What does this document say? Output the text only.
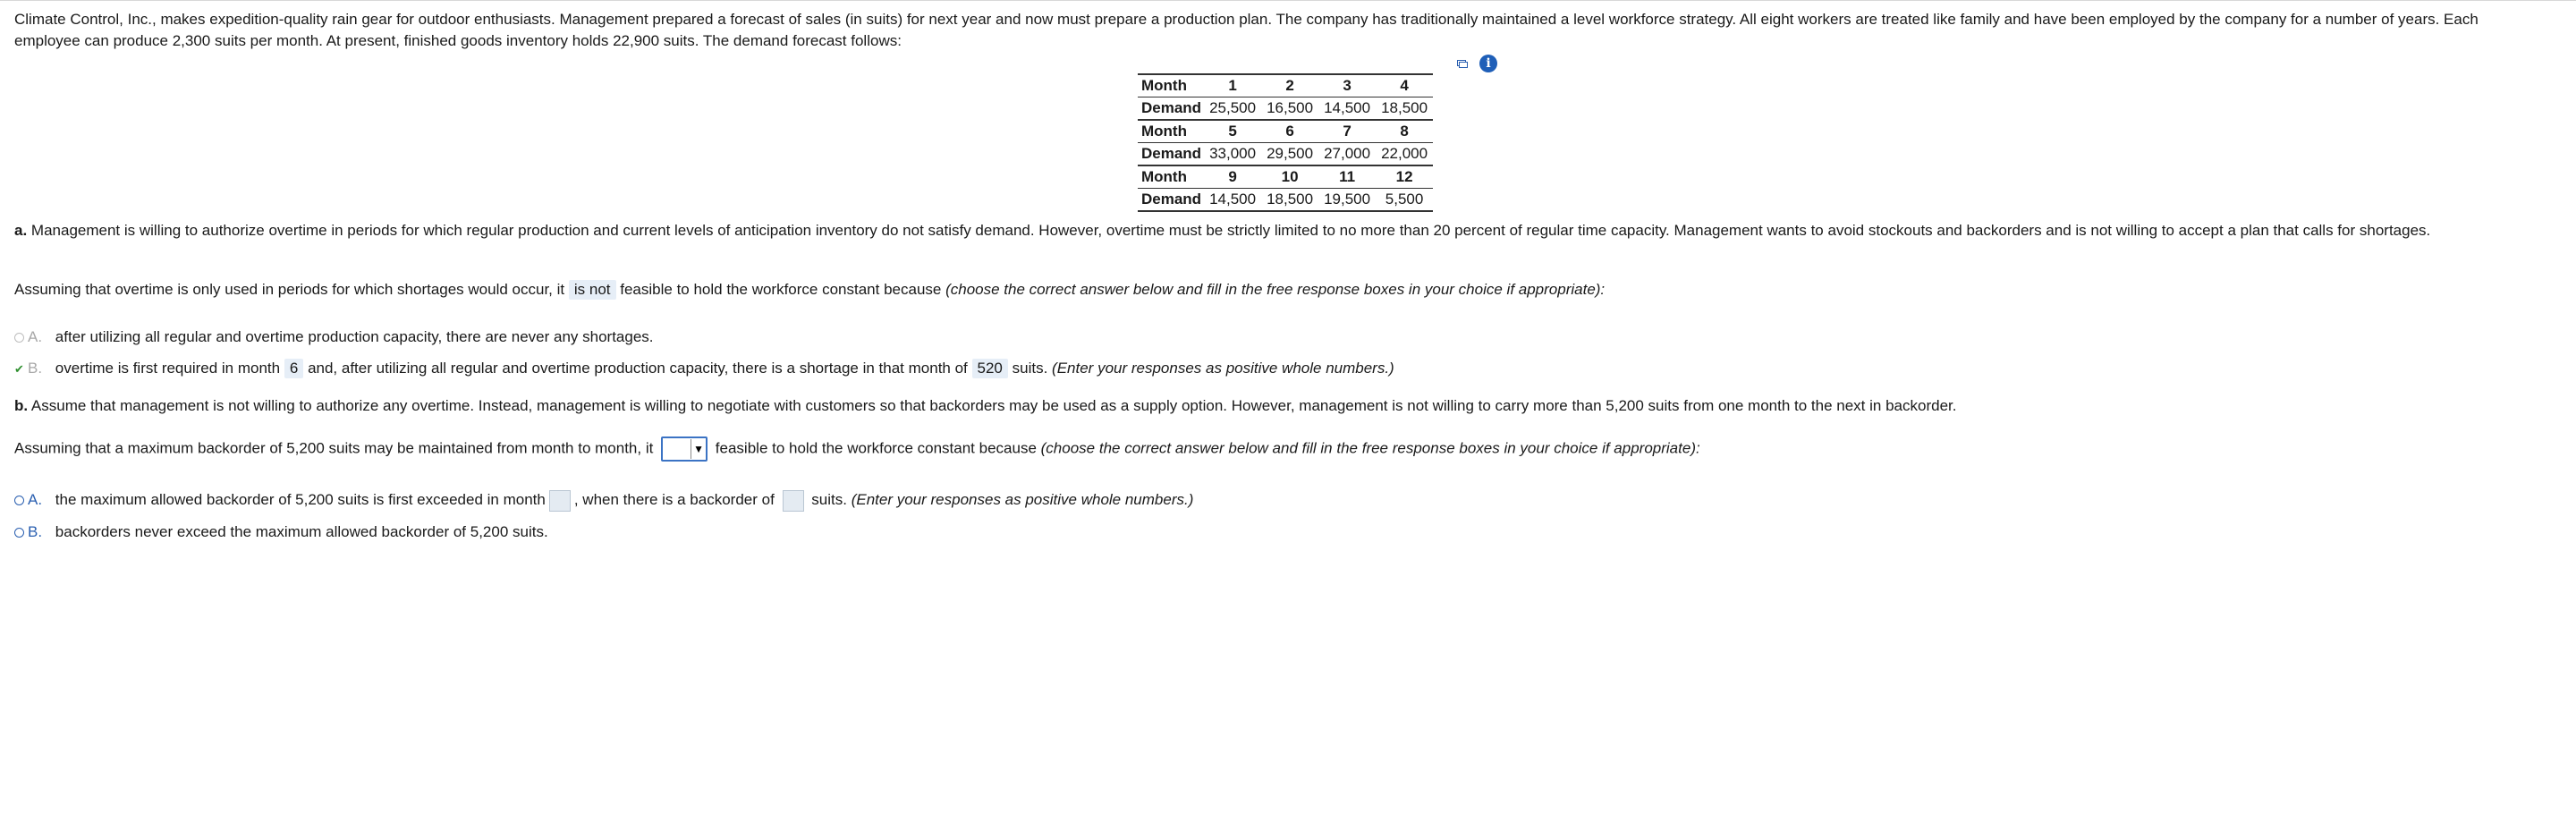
Climate Control, Inc., makes expedition-quality rain gear for outdoor enthusiasts. Management prepared a forecast of sales (in suits) for next year and now must prepare a production plan. The company has traditionally maintained a level workforce strategy. All eight workers are treated like family and have been employed by the company for a number of years. Each employee can produce 2,300 suits per month. At present, finished goods inventory holds 22,900 suits. The demand forecast follows:
i
Month	1	2	3	4
Demand	25,500	16,500	14,500	18,500
Month	5	6	7	8
Demand	33,000	29,500	27,000	22,000
Month	9	10	11	12
Demand	14,500	18,500	19,500	5,500
a. Management is willing to authorize overtime in periods for which regular production and current levels of anticipation inventory do not satisfy demand. However, overtime must be strictly limited to no more than 20 percent of regular time capacity. Management wants to avoid stockouts and backorders and is not willing to accept a plan that calls for shortages.
Assuming that overtime is only used in periods for which shortages would occur, it is not feasible to hold the workforce constant because (choose the correct answer below and fill in the free response boxes in your choice if appropriate):
A. after utilizing all regular and overtime production capacity, there are never any shortages.
✔ B. overtime is first required in month 6 and, after utilizing all regular and overtime production capacity, there is a shortage in that month of 520 suits. (Enter your responses as positive whole numbers.)
b. Assume that management is not willing to authorize any overtime. Instead, management is willing to negotiate with customers so that backorders may be used as a supply option. However, management is not willing to carry more than 5,200 suits from one month to the next in backorder.
Assuming that a maximum backorder of 5,200 suits may be maintained from month to month, it	▼ feasible to hold the workforce constant because (choose the correct answer below and fill in the free response boxes in your choice if appropriate):
A. the maximum allowed backorder of 5,200 suits is first exceeded in month , when there is a backorder of suits. (Enter your responses as positive whole numbers.)
B. backorders never exceed the maximum allowed backorder of 5,200 suits.
